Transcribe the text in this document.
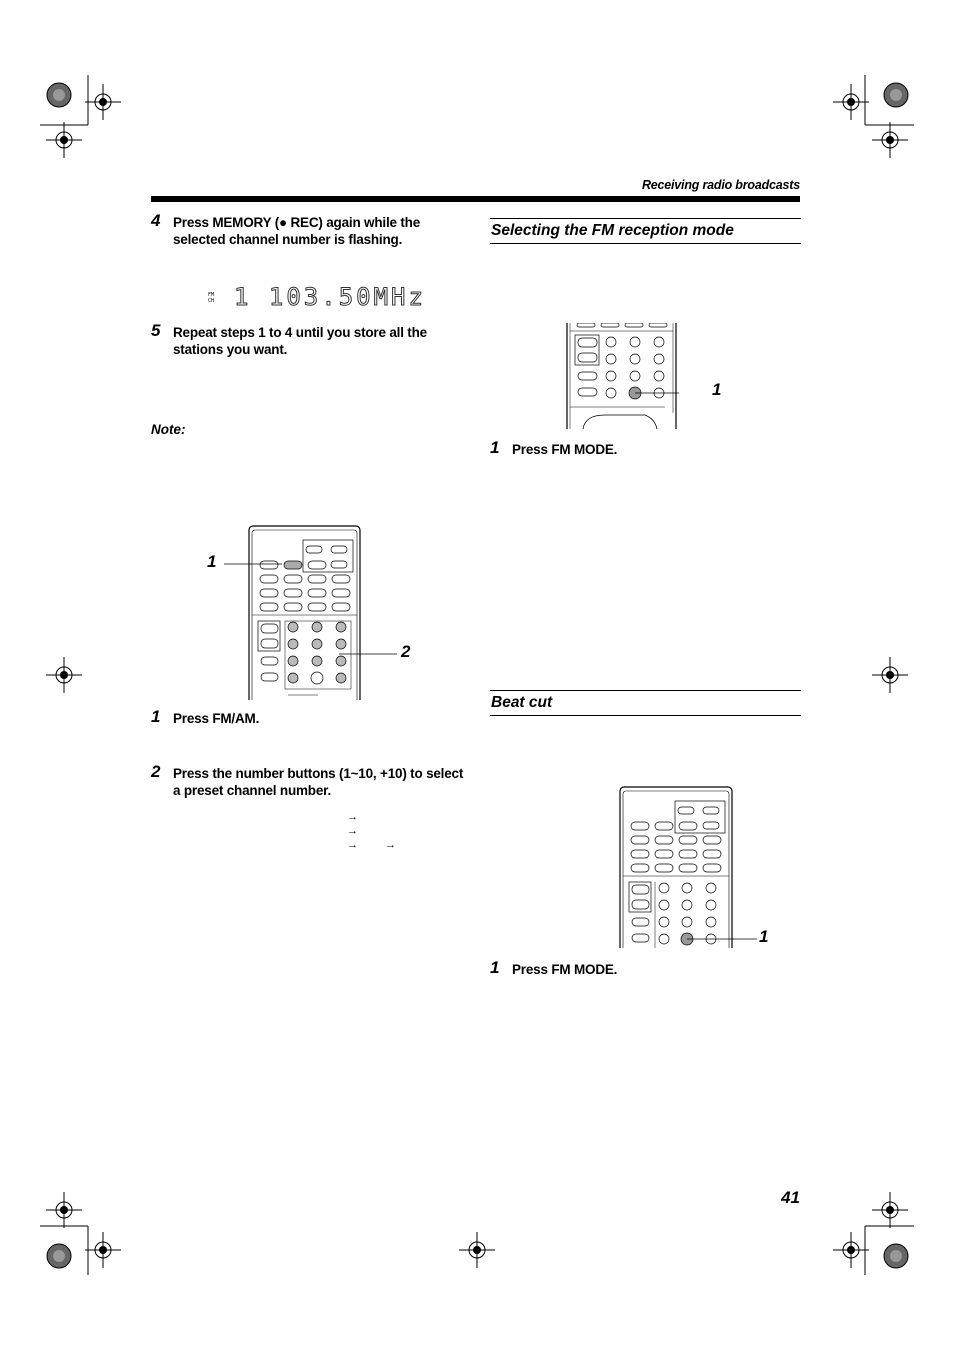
Receiving radio broadcasts
4 Press MEMORY (● REC) again while the selected channel number is flashing.
FM
CH 1 103.50MHz
5 Repeat steps 1 to 4 until you store all the stations you want.
Note:
1
2
1 Press FM/AM.
2 Press the number buttons (1~10, +10) to select a preset channel number.
→
→
→ →
Selecting the FM reception mode
1
1 Press FM MODE.
Beat cut
1
1 Press FM MODE.
41
